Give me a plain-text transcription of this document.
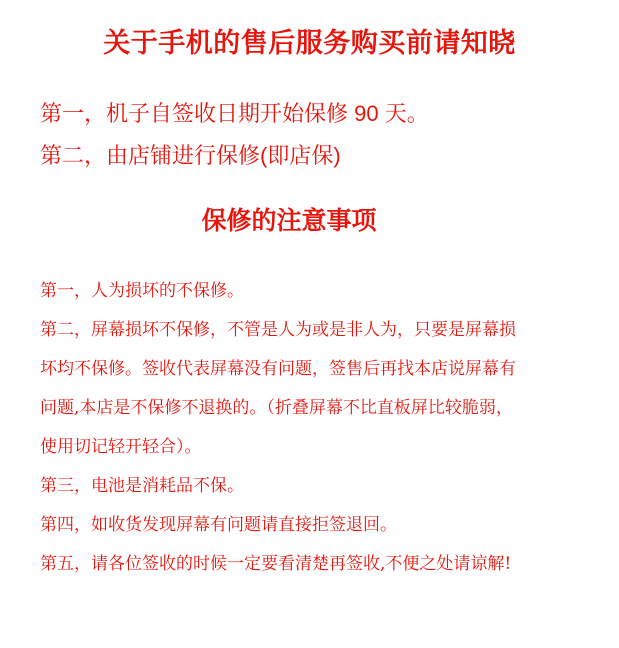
关于手机的售后服务购买前请知晓
第一，机子自签收日期开始保修 90 天。
第二，由店铺进行保修(即店保)
保修的注意事项
第一，人为损坏的不保修。
第二，屏幕损坏不保修，不管是人为或是非人为，只要是屏幕损
坏均不保修。签收代表屏幕没有问题，签售后再找本店说屏幕有
问题,本店是不保修不退换的。（折叠屏幕不比直板屏比较脆弱，
使用切记轻开轻合）。
第三，电池是消耗品不保。
第四，如收货发现屏幕有问题请直接拒签退回。
第五，请各位签收的时候一定要看清楚再签收,不便之处请谅解!
